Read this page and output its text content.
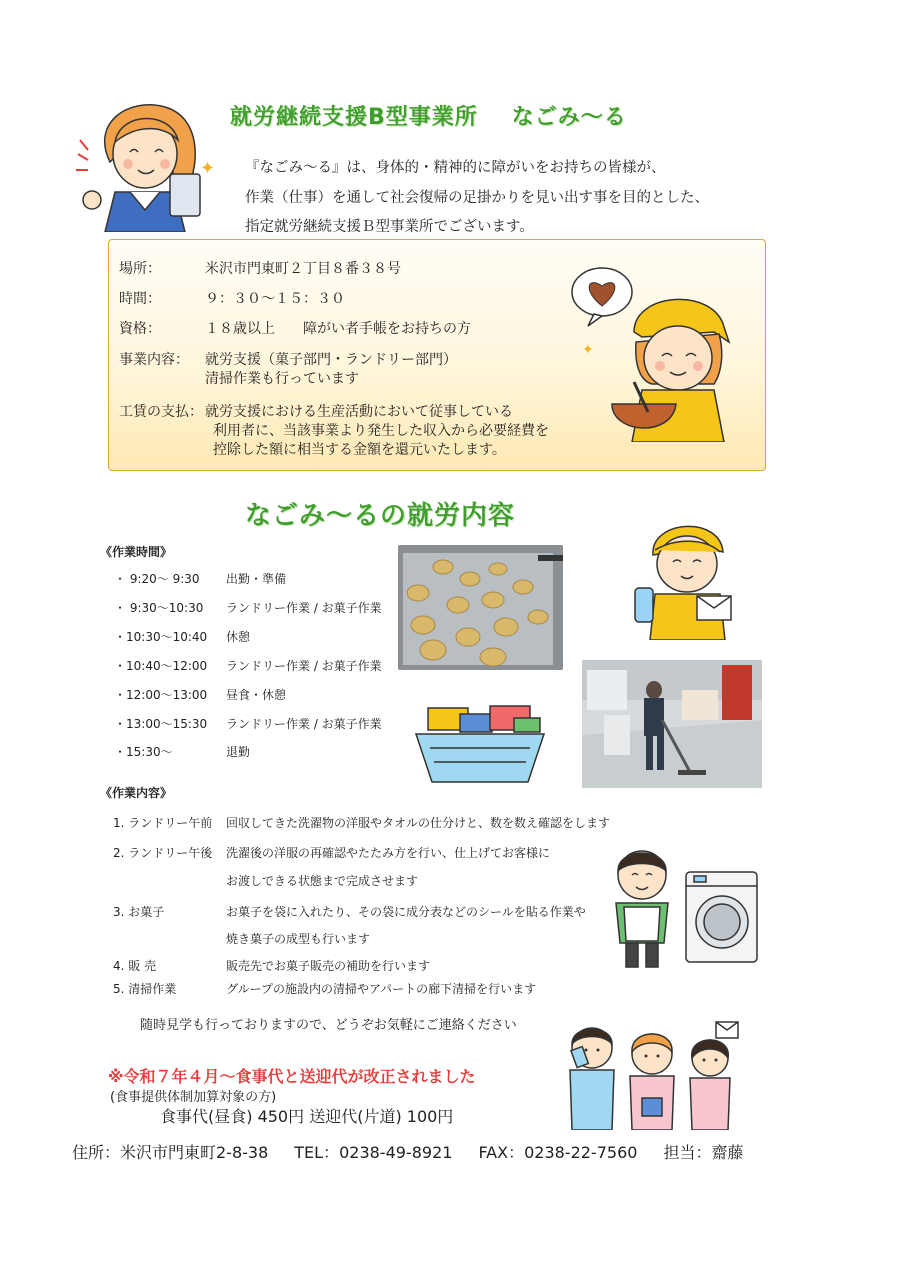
✦
就労継続支援B型事業所 なごみ～る
『なごみ～る』は、身体的・精神的に障がいをお持ちの皆様が、
作業（仕事）を通して社会復帰の足掛かりを見い出す事を目的とした、
指定就労継続支援Ｂ型事業所でございます。
場所：	米沢市門東町２丁目８番３８号
時間：	９：３０～１５：３０
資格：	１８歳以上 障がい者手帳をお持ちの方
事業内容： 就労支援（菓子部門・ランドリー部門）
清掃作業も行っています
工賃の支払： 就労支援における生産活動において従事している
利用者に、当該事業より発生した収入から必要経費を
控除した額に相当する金額を還元いたします。
✦
なごみ～るの就労内容
《作業時間》
・ 9:20～ 9:30 出勤・準備
・ 9:30～10:30 ランドリー作業 / お菓子作業
・10:30～10:40 休憩
・10:40～12:00 ランドリー作業 / お菓子作業
・12:00～13:00 昼食・休憩
・13:00～15:30 ランドリー作業 / お菓子作業
・15:30～	退勤
《作業内容》
1. ランドリー午前 回収してきた洗濯物の洋服やタオルの仕分けと、数を数え確認をします
2. ランドリー午後 洗濯後の洋服の再確認やたたみ方を行い、仕上げてお客様に
お渡しできる状態まで完成させます
3. お菓子	お菓子を袋に入れたり、その袋に成分表などのシールを貼る作業や
焼き菓子の成型も行います
4. 販 売	販売先でお菓子販売の補助を行います
5. 清掃作業	グループの施設内の清掃やアパートの廊下清掃を行います
随時見学も行っておりますので、どうぞお気軽にご連絡ください
※令和７年４月～食事代と送迎代が改正されました
(食事提供体制加算対象の方)
食事代(昼食) 450円 送迎代(片道) 100円
住所：米沢市門東町2-8-38 TEL：0238-49-8921 FAX：0238-22-7560 担当：齋藤
